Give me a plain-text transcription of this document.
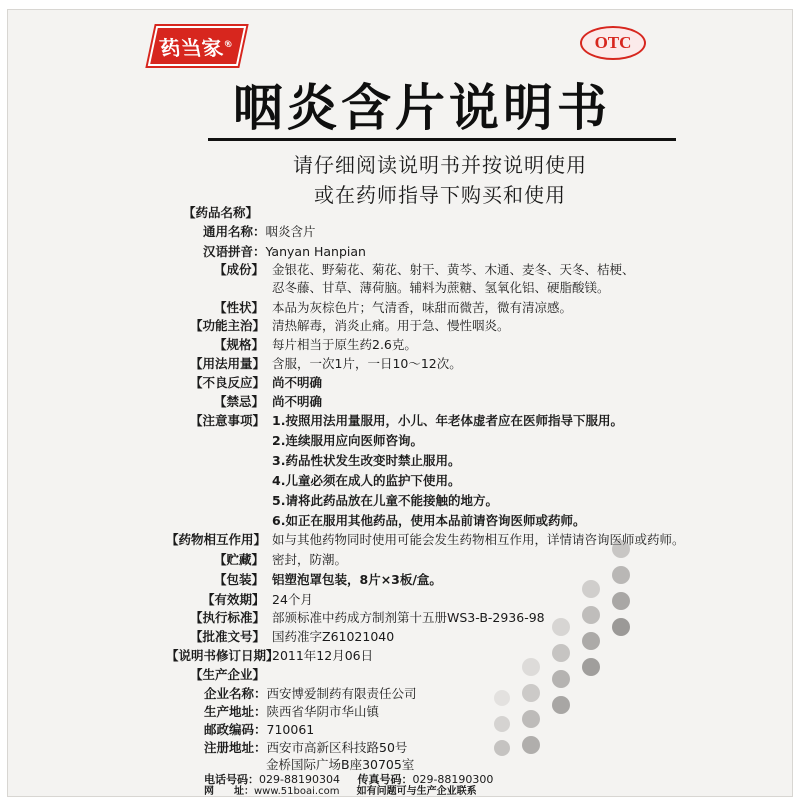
药当家®	OTC
咽炎含片说明书
请仔细阅读说明书并按说明使用
或在药师指导下购买和使用
【药品名称】
通用名称：咽炎含片
汉语拼音：Yanyan Hanpian
【成份】 金银花、野菊花、菊花、射干、黄芩、木通、麦冬、天冬、桔梗、
忍冬藤、甘草、薄荷脑。辅料为蔗糖、氢氧化铝、硬脂酸镁。
【性状】 本品为灰棕色片；气清香，味甜而微苦，微有清凉感。
【功能主治】 清热解毒，消炎止痛。用于急、慢性咽炎。
【规格】 每片相当于原生药2.6克。
【用法用量】 含服，一次1片，一日10～12次。
【不良反应】 尚不明确
【禁忌】 尚不明确
【注意事项】 1.按照用法用量服用，小儿、年老体虚者应在医师指导下服用。
2.连续服用应向医师咨询。
3.药品性状发生改变时禁止服用。
4.儿童必须在成人的监护下使用。
5.请将此药品放在儿童不能接触的地方。
6.如正在服用其他药品，使用本品前请咨询医师或药师。
【药物相互作用】 如与其他药物同时使用可能会发生药物相互作用，详情请咨询医师或药师。
【贮藏】 密封，防潮。
【包装】 铝塑泡罩包装，8片×3板/盒。
【有效期】 24个月
【执行标准】 部颁标准中药成方制剂第十五册WS3-B-2936-98
【批准文号】 国药准字Z61021040
【说明书修订日期】
2011年12月06日
【生产企业】
企业名称：西安博爱制药有限责任公司
生产地址：陕西省华阴市华山镇
邮政编码：710061
注册地址：西安市高新区科技路50号
金桥国际广场B座30705室
电话号码：029-88190304 传真号码：029-88190300
网　　址：www.51boai.com 如有问题可与生产企业联系
